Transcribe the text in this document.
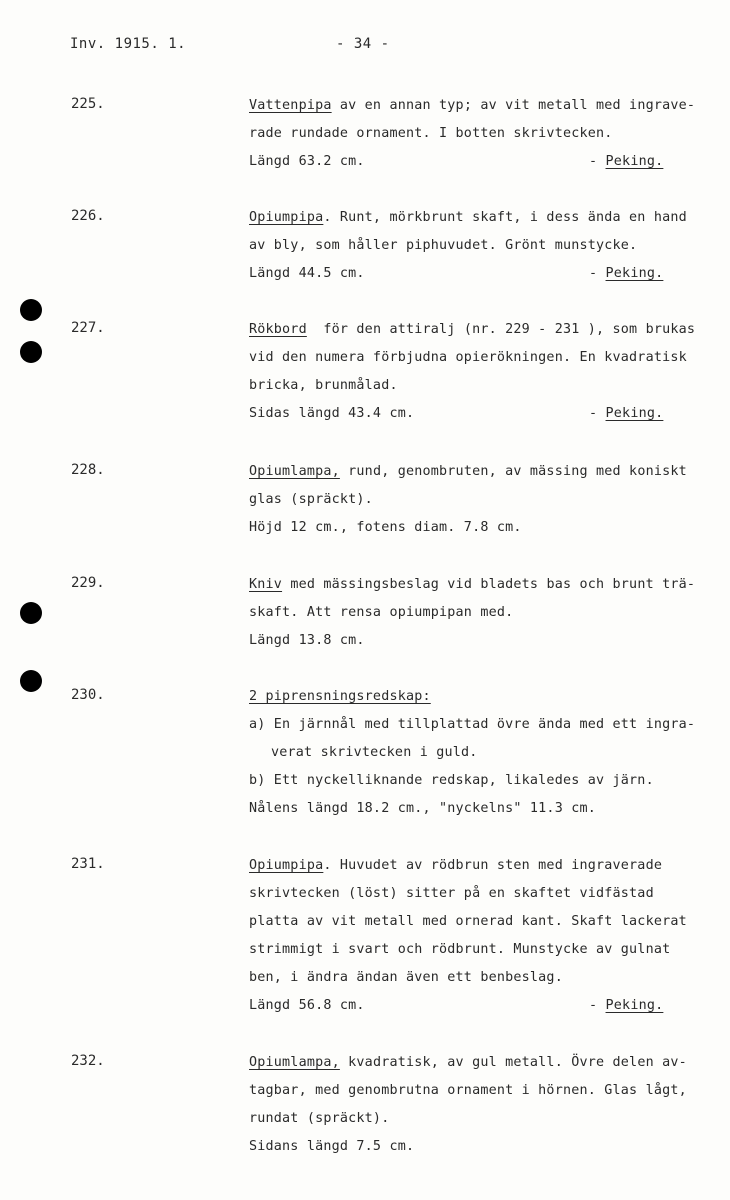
Inv. 1915. 1.	- 34 -
225.	Vattenpipa av en annan typ; av vit metall med ingrave-
rade rundade ornament. I botten skrivtecken.
Längd 63.2 cm.	- Peking.
226.	Opiumpipa. Runt, mörkbrunt skaft, i dess ända en hand
av bly, som håller piphuvudet. Grönt munstycke.
Längd 44.5 cm.	- Peking.
227.	Rökbord  för den attiralj (nr. 229 - 231 ), som brukas
vid den numera förbjudna opierökningen. En kvadratisk
bricka, brunmålad.
Sidas längd 43.4 cm.	- Peking.
228.	Opiumlampa, rund, genombruten, av mässing med koniskt
glas (spräckt).
Höjd 12 cm., fotens diam. 7.8 cm.
229.	Kniv med mässingsbeslag vid bladets bas och brunt trä-
skaft. Att rensa opiumpipan med.
Längd 13.8 cm.
230.	2 piprensningsredskap:
a) En järnnål med tillplattad övre ända med ett ingra-
verat skrivtecken i guld.
b) Ett nyckelliknande redskap, likaledes av järn.
Nålens längd 18.2 cm., "nyckelns" 11.3 cm.
231.	Opiumpipa. Huvudet av rödbrun sten med ingraverade
skrivtecken (löst) sitter på en skaftet vidfästad
platta av vit metall med ornerad kant. Skaft lackerat
strimmigt i svart och rödbrunt. Munstycke av gulnat
ben, i ändra ändan även ett benbeslag.
Längd 56.8 cm.	- Peking.
232.	Opiumlampa, kvadratisk, av gul metall. Övre delen av-
tagbar, med genombrutna ornament i hörnen. Glas lågt,
rundat (spräckt).
Sidans längd 7.5 cm.
